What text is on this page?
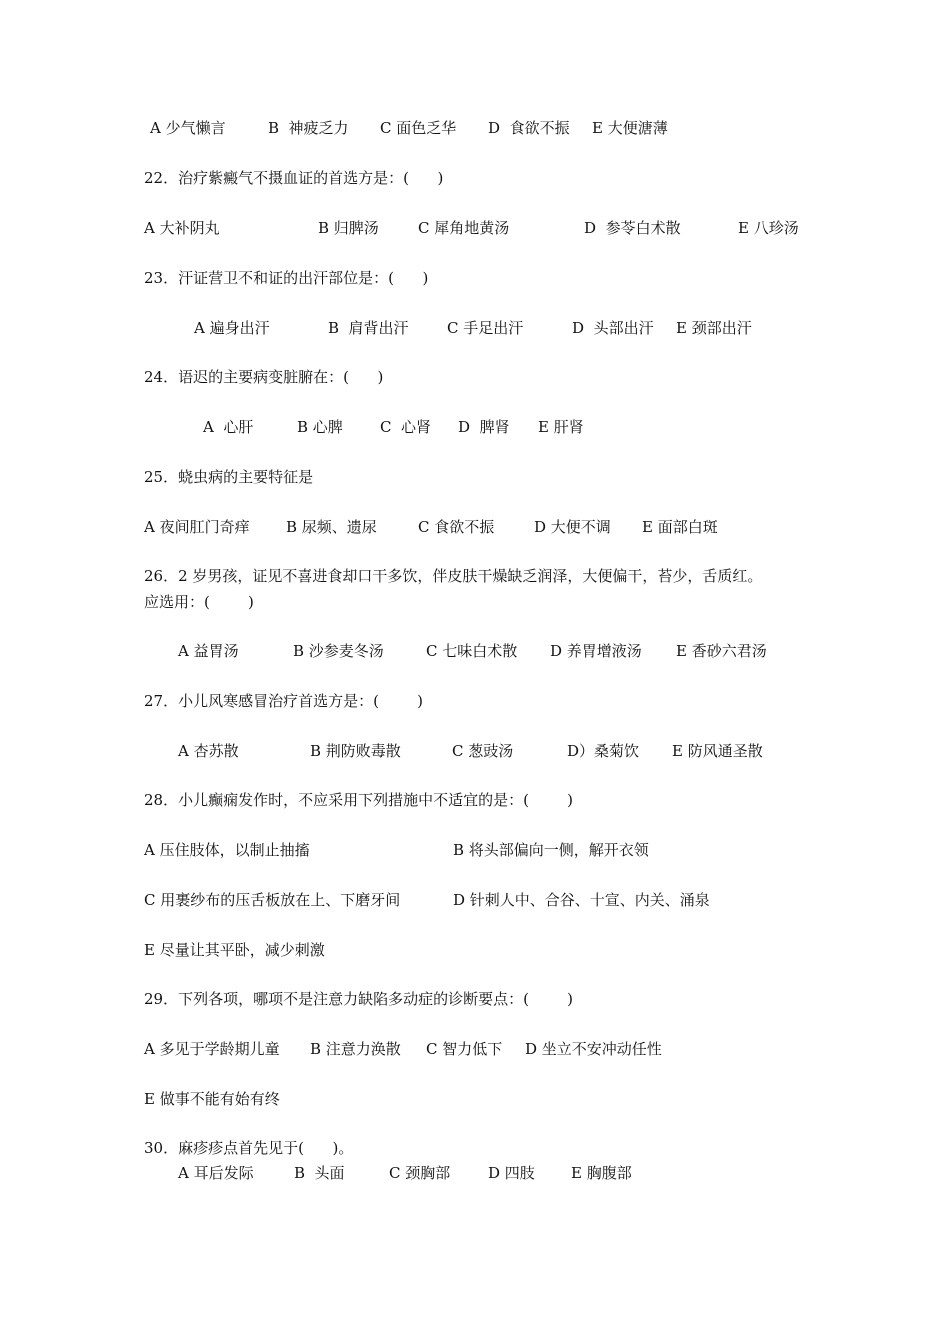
A 少气懒言	B  神疲乏力 C 面色乏华 D  食欲不振 E 大便溏薄
22．治疗紫癜气不摄血证的首选方是：(      )
A 大补阴丸	B 归脾汤	C 犀角地黄汤	D  参苓白术散	E 八珍汤
23．汗证营卫不和证的出汗部位是：(      )
A 遍身出汗	B  肩背出汗	C 手足出汗	D  头部出汗 E 颈部出汗
24．语迟的主要病变脏腑在：(      )
A  心肝	B 心脾 C  心肾 D  脾肾 E 肝肾
25．蛲虫病的主要特征是
A 夜间肛门奇痒 B 尿频、遗尿	C 食欲不振	D 大便不调 E 面部白斑
26．2 岁男孩，证见不喜进食却口干多饮，伴皮肤干燥缺乏润泽，大便偏干，苔少，舌质红。
应选用：(        )
A 益胃汤	B 沙参麦冬汤	C 七味白术散 D 养胃增液汤 E 香砂六君汤
27．小儿风寒感冒治疗首选方是：(        )
A 杏苏散	B 荆防败毒散	C 葱豉汤	D）桑菊饮 E 防风通圣散
28．小儿癫痫发作时，不应采用下列措施中不适宜的是：(        )
A 压住肢体，以制止抽搐	B 将头部偏向一侧，解开衣领
C 用裹纱布的压舌板放在上、下磨牙间	D 针刺人中、合谷、十宣、内关、涌泉
E 尽量让其平卧，减少刺激
29．下列各项，哪项不是注意力缺陷多动症的诊断要点：(        )
A 多见于学龄期儿童 B 注意力涣散 C 智力低下 D 坐立不安冲动任性
E 做事不能有始有终
30．麻疹疹点首先见于(      )。
A 耳后发际	B  头面	C 颈胸部	D 四肢 E 胸腹部
